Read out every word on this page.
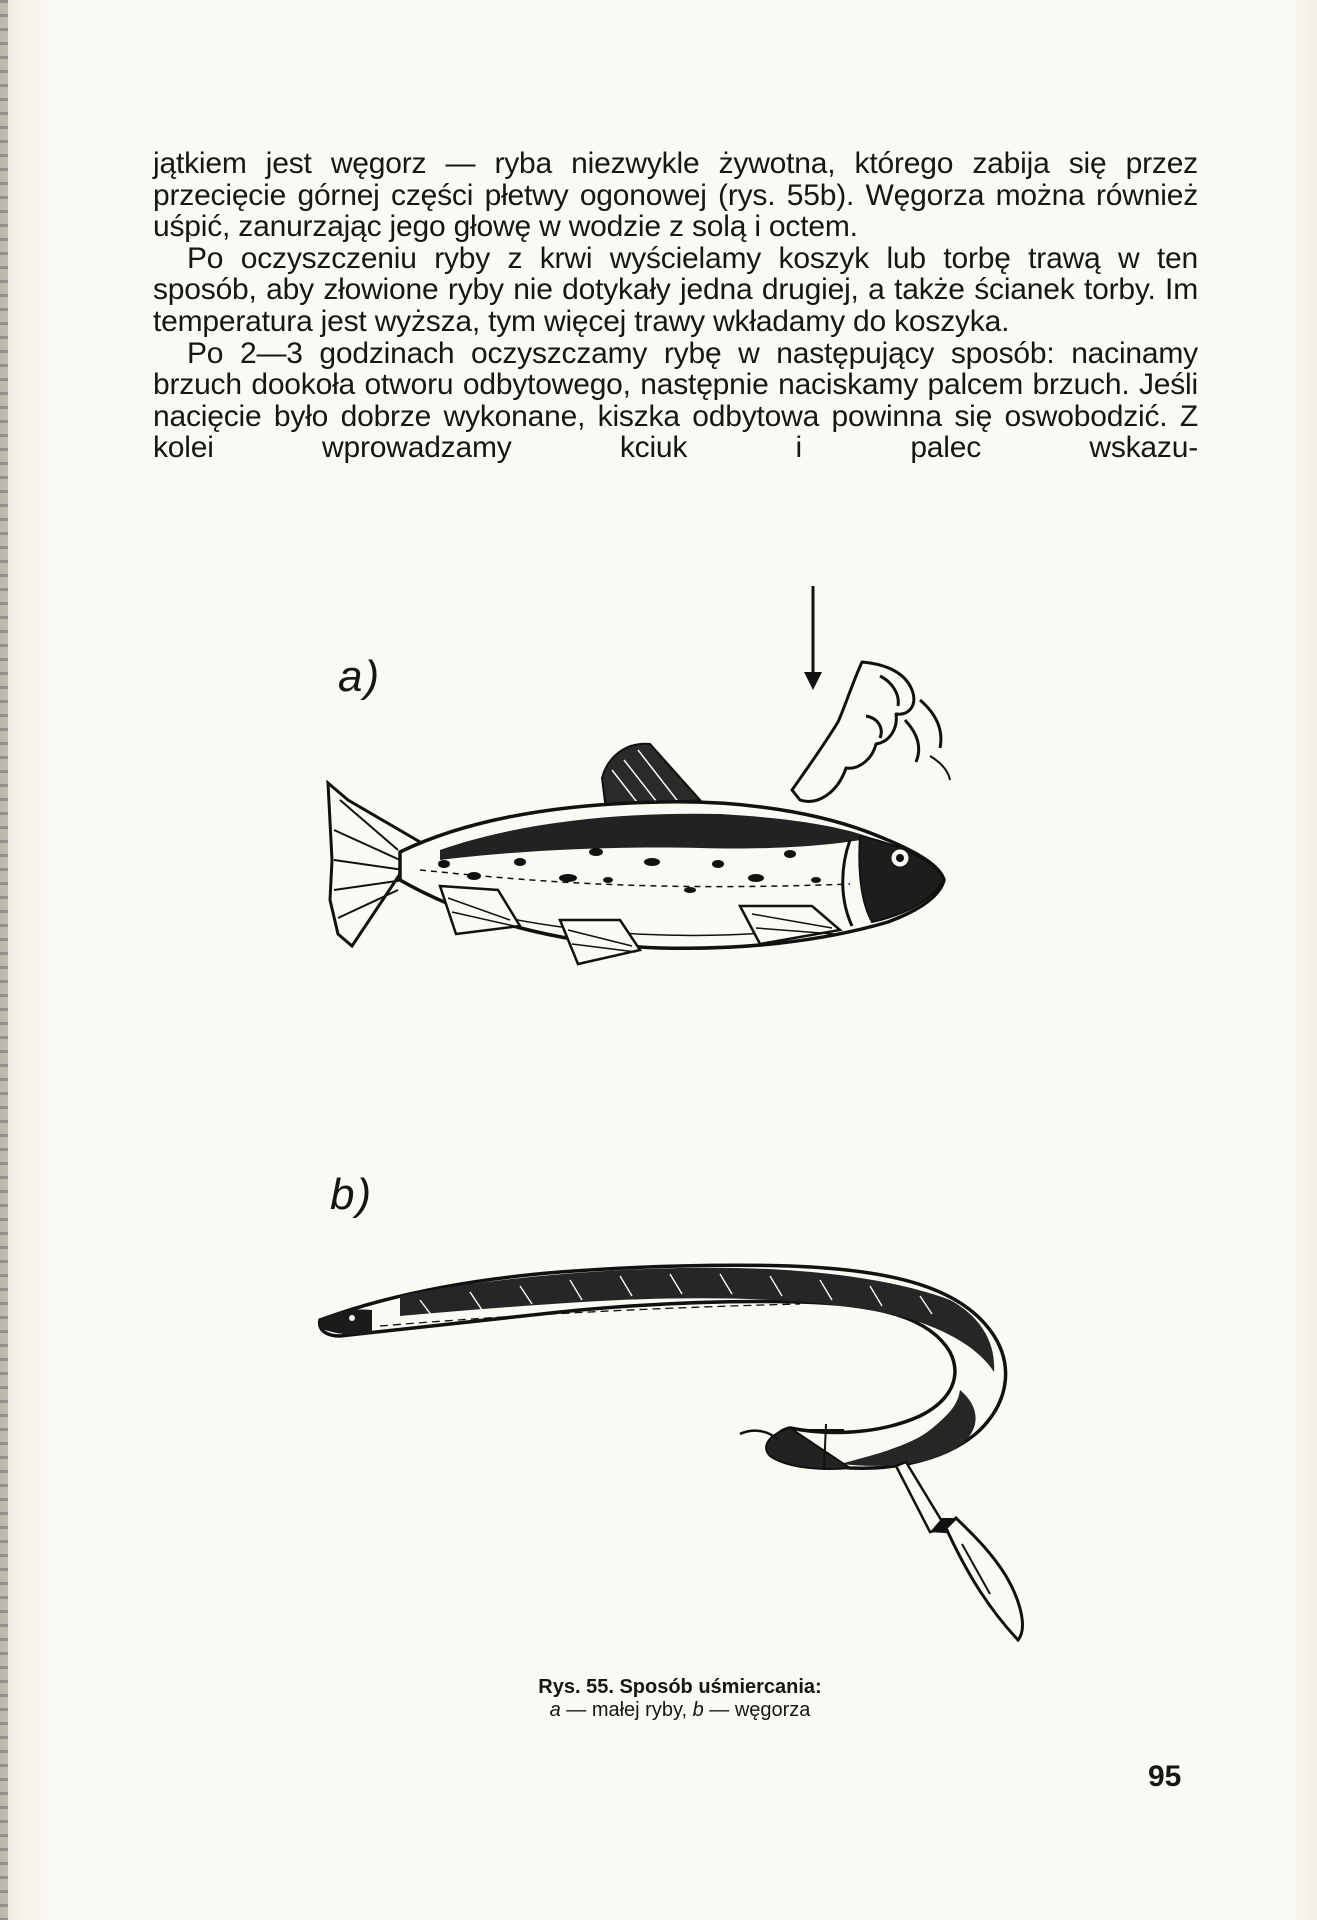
jątkiem jest węgorz — ryba niezwykle żywotna, którego zabija się przez przecięcie górnej części płetwy ogonowej (rys. 55b). Węgorza można również uśpić, zanurzając jego głowę w wodzie z solą i octem.

Po oczyszczeniu ryby z krwi wyścielamy koszyk lub torbę trawą w ten sposób, aby złowione ryby nie dotykały jedna drugiej, a także ścianek torby. Im temperatura jest wyższa, tym więcej trawy wkładamy do koszyka.

Po 2—3 godzinach oczyszczamy rybę w następujący sposób: nacinamy brzuch dookoła otworu odbytowego, następnie naciskamy palcem brzuch. Jeśli nacięcie było dobrze wykonane, kiszka odbytowa powinna się oswobodzić. Z kolei wprowadzamy kciuk i palec wskazu-

a)
b)
Rys. 55. Sposób uśmiercania:
a — małej ryby, b — węgorza
95
